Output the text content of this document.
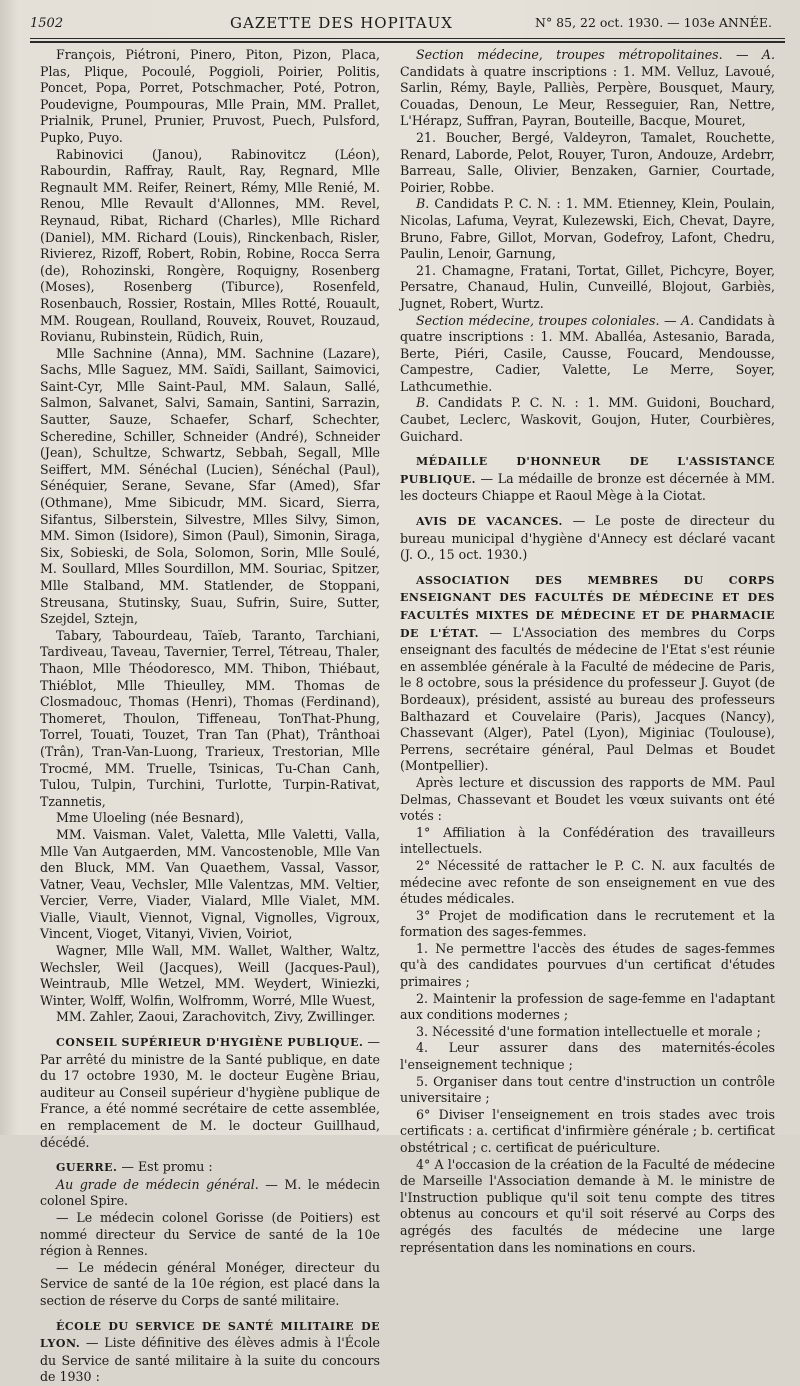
1502	GAZETTE DES HOPITAUX	N° 85, 22 oct. 1930. — 103e ANNÉE.

François, Piétroni, Pinero, Piton, Pizon, Placa, Plas, Plique, Pocoulé, Poggioli, Poirier, Politis, Poncet, Popa, Porret, Potschmacher, Poté, Potron, Poudevigne, Poumpouras, Mlle Prain, MM. Prallet, Prialnik, Prunel, Prunier, Pruvost, Puech, Pulsford, Pupko, Puyo.

Rabinovici (Janou), Rabinovitcz (Léon), Rabourdin, Raffray, Rault, Ray, Regnard, Mlle Regnault MM. Reifer, Reinert, Rémy, Mlle Renié, M. Renou, Mlle Revault d'Allonnes, MM. Revel, Reynaud, Ribat, Richard (Charles), Mlle Richard (Daniel), MM. Richard (Louis), Rinckenbach, Risler, Rivierez, Rizoff, Robert, Robin, Robine, Rocca Serra (de), Rohozinski, Rongère, Roquigny, Rosenberg (Moses), Rosenberg (Tiburce), Rosenfeld, Rosenbauch, Rossier, Rostain, Mlles Rotté, Rouault, MM. Rougean, Roulland, Rouveix, Rouvet, Rouzaud, Rovianu, Rubinstein, Rüdich, Ruin,

Mlle Sachnine (Anna), MM. Sachnine (Lazare), Sachs, Mlle Saguez, MM. Saïdi, Saillant, Saimovici, Saint-Cyr, Mlle Saint-Paul, MM. Salaun, Sallé, Salmon, Salvanet, Salvi, Samain, Santini, Sarrazin, Sautter, Sauze, Schaefer, Scharf, Schechter, Scheredine, Schiller, Schneider (André), Schneider (Jean), Schultze, Schwartz, Sebbah, Segall, Mlle Seiffert, MM. Sénéchal (Lucien), Sénéchal (Paul), Sénéquier, Serane, Sevane, Sfar (Amed), Sfar (Othmane), Mme Sibicudr, MM. Sicard, Sierra, Sifantus, Silberstein, Silvestre, Mlles Silvy, Simon, MM. Simon (Isidore), Simon (Paul), Simonin, Siraga, Six, Sobieski, de Sola, Solomon, Sorin, Mlle Soulé, M. Soullard, Mlles Sourdillon, MM. Souriac, Spitzer, Mlle Stalband, MM. Statlender, de Stoppani, Streusana, Stutinsky, Suau, Sufrin, Suire, Sutter, Szejdel, Sztejn,

Tabary, Tabourdeau, Taïeb, Taranto, Tarchiani, Tardiveau, Taveau, Tavernier, Terrel, Tétreau, Thaler, Thaon, Mlle Théodoresco, MM. Thibon, Thiébaut, Thiéblot, Mlle Thieulley, MM. Thomas de Closmadouc, Thomas (Henri), Thomas (Ferdinand), Thomeret, Thoulon, Tiffeneau, TonThat-Phung, Torrel, Touati, Touzet, Tran Tan (Phat), Trânthoai (Trân), Tran-Van-Luong, Trarieux, Trestorian, Mlle Trocmé, MM. Truelle, Tsinicas, Tu-Chan Canh, Tulou, Tulpin, Turchini, Turlotte, Turpin-Rativat, Tzannetis,

Mme Uloeling (née Besnard),

MM. Vaisman. Valet, Valetta, Mlle Valetti, Valla, Mlle Van Autgaerden, MM. Vancostenoble, Mlle Van den Bluck, MM. Van Quaethem, Vassal, Vassor, Vatner, Veau, Vechsler, Mlle Valentzas, MM. Veltier, Vercier, Verre, Viader, Vialard, Mlle Vialet, MM. Vialle, Viault, Viennot, Vignal, Vignolles, Vigroux, Vincent, Vioget, Vitanyi, Vivien, Voiriot,

Wagner, Mlle Wall, MM. Wallet, Walther, Waltz, Wechsler, Weil (Jacques), Weill (Jacques-Paul), Weintraub, Mlle Wetzel, MM. Weydert, Winiezki, Winter, Wolff, Wolfin, Wolfromm, Worré, Mlle Wuest,

MM. Zahler, Zaoui, Zarachovitch, Zivy, Zwillinger.

CONSEIL SUPÉRIEUR D'HYGIÈNE PUBLIQUE. — Par arrêté du ministre de la Santé publique, en date du 17 octobre 1930, M. le docteur Eugène Briau, auditeur au Conseil supérieur d'hygiène publique de France, a été nommé secrétaire de cette assemblée, en remplacement de M. le docteur Guillhaud, décédé.

GUERRE. — Est promu :

Au grade de médecin général. — M. le médecin colonel Spire.

— Le médecin colonel Gorisse (de Poitiers) est nommé directeur du Service de santé de la 10e région à Rennes.

— Le médecin général Monéger, directeur du Service de santé de la 10e région, est placé dans la section de réserve du Corps de santé militaire.

ÉCOLE DU SERVICE DE SANTÉ MILITAIRE DE LYON. — Liste définitive des élèves admis à l'École du Service de santé militaire à la suite du concours de 1930 :

Section médecine, troupes métropolitaines. — A. Candidats à quatre inscriptions : 1. MM. Velluz, Lavoué, Sarlin, Rémy, Bayle, Palliès, Perpère, Bousquet, Maury, Couadas, Denoun, Le Meur, Resseguier, Ran, Nettre, L'Hérapz, Suffran, Payran, Bouteille, Bacque, Mouret,

21. Boucher, Bergé, Valdeyron, Tamalet, Rouchette, Renard, Laborde, Pelot, Rouyer, Turon, Andouze, Ardebrr, Barreau, Salle, Olivier, Benzaken, Garnier, Courtade, Poirier, Robbe.

B. Candidats P. C. N. : 1. MM. Etienney, Klein, Poulain, Nicolas, Lafuma, Veyrat, Kulezewski, Eich, Chevat, Dayre, Bruno, Fabre, Gillot, Morvan, Godefroy, Lafont, Chedru, Paulin, Lenoir, Garnung,

21. Chamagne, Fratani, Tortat, Gillet, Pichcyre, Boyer, Persatre, Chanaud, Hulin, Cunveillé, Blojout, Garbiès, Jugnet, Robert, Wurtz.

Section médecine, troupes coloniales. — A. Candidats à quatre inscriptions : 1. MM. Aballéa, Astesanio, Barada, Berte, Piéri, Casile, Causse, Foucard, Mendousse, Campestre, Cadier, Valette, Le Merre, Soyer, Lathcumethie.

B. Candidats P. C. N. : 1. MM. Guidoni, Bouchard, Caubet, Leclerc, Waskovit, Goujon, Huter, Courbières, Guichard.

MÉDAILLE D'HONNEUR DE L'ASSISTANCE PUBLIQUE. — La médaille de bronze est décernée à MM. les docteurs Chiappe et Raoul Mège à la Ciotat.

AVIS DE VACANCES. — Le poste de directeur du bureau municipal d'hygiène d'Annecy est déclaré vacant (J. O., 15 oct. 1930.)

ASSOCIATION DES MEMBRES DU CORPS ENSEIGNANT DES FACULTÉS DE MÉDECINE ET DES FACULTÉS MIXTES DE MÉDECINE ET DE PHARMACIE DE L'ÉTAT. — L'Association des membres du Corps enseignant des facultés de médecine de l'Etat s'est réunie en assemblée générale à la Faculté de médecine de Paris, le 8 octobre, sous la présidence du professeur J. Guyot (de Bordeaux), président, assisté au bureau des professeurs Balthazard et Couvelaire (Paris), Jacques (Nancy), Chassevant (Alger), Patel (Lyon), Miginiac (Toulouse), Perrens, secrétaire général, Paul Delmas et Boudet (Montpellier).

Après lecture et discussion des rapports de MM. Paul Delmas, Chassevant et Boudet les vœux suivants ont été votés :

1° Affiliation à la Confédération des travailleurs intellectuels.

2° Nécessité de rattacher le P. C. N. aux facultés de médecine avec refonte de son enseignement en vue des études médicales.

3° Projet de modification dans le recrutement et la formation des sages-femmes.

1. Ne permettre l'accès des études de sages-femmes qu'à des candidates pourvues d'un certificat d'études primaires ;

2. Maintenir la profession de sage-femme en l'adaptant aux conditions modernes ;

3. Nécessité d'une formation intellectuelle et morale ;

4. Leur assurer dans des maternités-écoles l'enseignement technique ;

5. Organiser dans tout centre d'instruction un contrôle universitaire ;

6° Diviser l'enseignement en trois stades avec trois certificats : a. certificat d'infirmière générale ; b. certificat obstétrical ; c. certificat de puériculture.

4° A l'occasion de la création de la Faculté de médecine de Marseille l'Association demande à M. le ministre de l'Instruction publique qu'il soit tenu compte des titres obtenus au concours et qu'il soit réservé au Corps des agrégés des facultés de médecine une large représentation dans les nominations en cours.
